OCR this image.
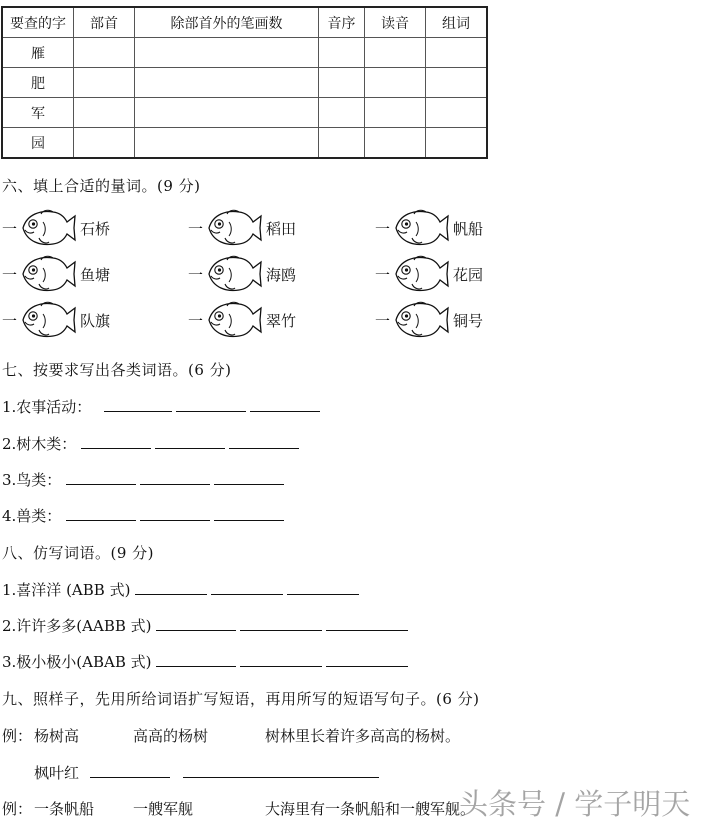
要查的字	部首	除部首外的笔画数	音序	读音	组词
雁					
肥					
军					
园					
六、填上合适的量词。(9 分)
一	石桥	一	稻田	一	帆船
一	鱼塘	一	海鸥	一	花园
一	队旗	一	翠竹	一	铜号
七、按要求写出各类词语。(6 分)
1.农事活动：
2.树木类：
3.鸟类：
4.兽类：
八、仿写词语。(9 分)
1.喜洋洋 (ABB 式)
2.许许多多(AABB 式)
3.极小极小(ABAB 式)
九、照样子，先用所给词语扩写短语，再用所写的短语写句子。(6 分)
例： 杨树高	高高的杨树	树林里长着许多高高的杨树。
枫叶红
例： 一条帆船	一艘军舰	大海里有一条帆船和一艘军舰。
头条号 / 学子明天
